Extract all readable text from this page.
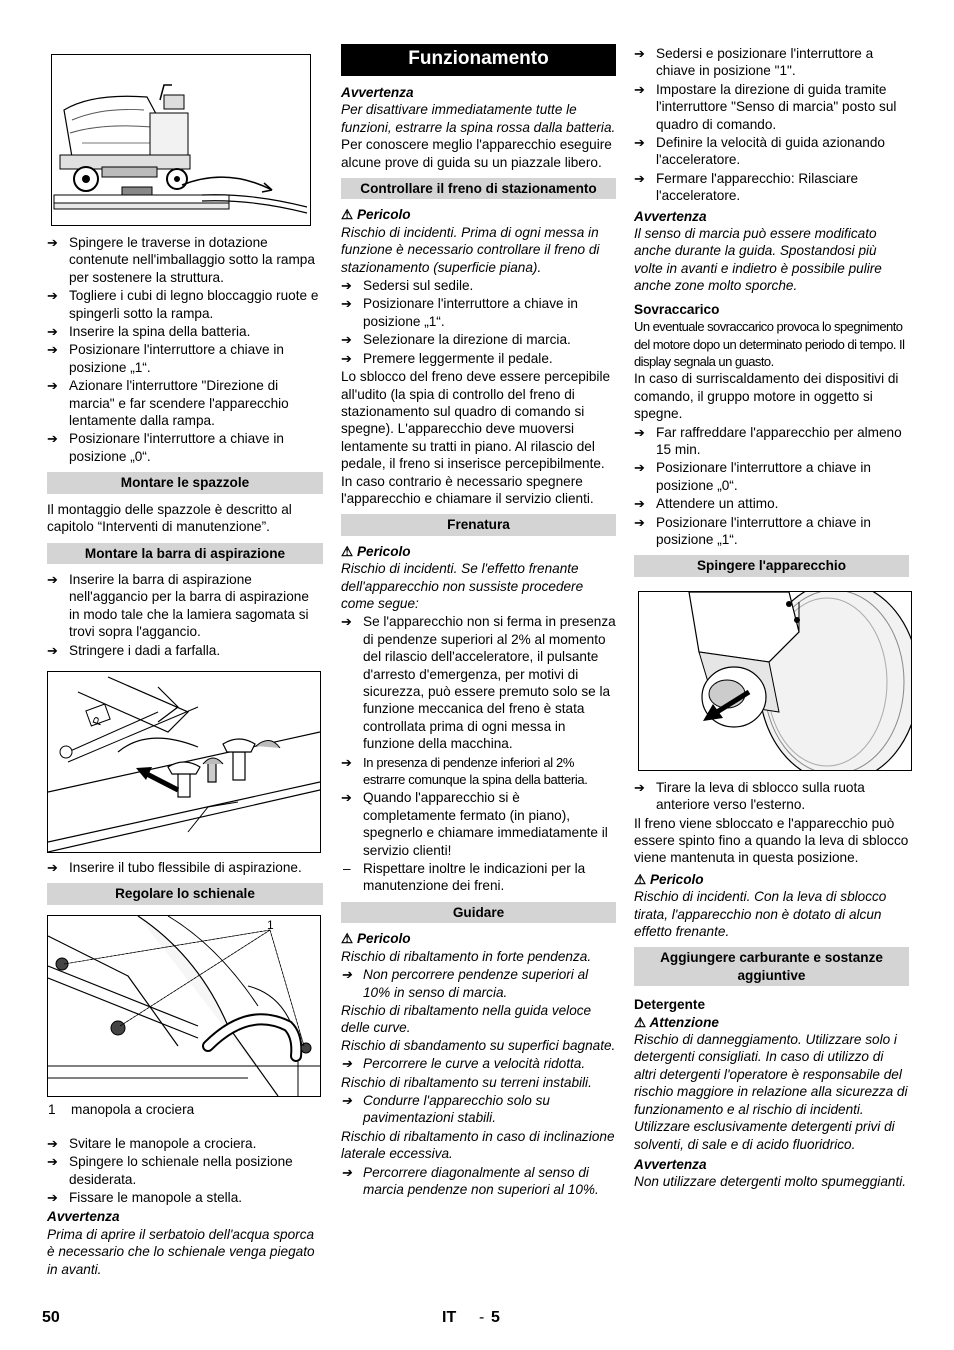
➔ Spingere le traverse in dotazione contenute nell'imballaggio sotto la rampa per sostenere la struttura.
➔ Togliere i cubi di legno bloccaggio ruote e spingerli sotto la rampa.
➔ Inserire la spina della batteria.
➔ Posizionare l'interruttore a chiave in posizione „1“.
➔ Azionare l'interruttore "Direzione di marcia" e far scendere l'apparecchio lentamente dalla rampa.
➔ Posizionare l'interruttore a chiave in posizione „0“.
Montare le spazzole

Il montaggio delle spazzole è descritto al capitolo “Interventi di manutenzione”.

Montare la barra di aspirazione
➔ Inserire la barra di aspirazione nell'aggancio per la barra di aspirazione in modo tale che la lamiera sagomata si trovi sopra l'aggancio.
➔ Stringere i dadi a farfalla.
P
➔ Inserire il tubo flessibile di aspirazione.
Regolare lo schienale
1
1 manopola a crociera
➔ Svitare le manopole a crociera.
➔ Spingere lo schienale nella posizione desiderata.
➔ Fissare le manopole a stella.

Avvertenza

Prima di aprire il serbatoio dell'acqua sporca è necessario che lo schienale venga piegato in avanti.

Funzionamento

Avvertenza

Per disattivare immediatamente tutte le funzioni, estrarre la spina rossa dalla batteria.

Per conoscere meglio l'apparecchio eseguire alcune prove di guida su un piazzale libero.

Controllare il freno di stazionamento

⚠ Pericolo

Rischio di incidenti. Prima di ogni messa in funzione è necessario controllare il freno di stazionamento (superficie piana).

➔ Sedersi sul sedile.
➔ Posizionare l'interruttore a chiave in posizione „1“.
➔ Selezionare la direzione di marcia.
➔ Premere leggermente il pedale.

Lo sblocco del freno deve essere percepibile all'udito (la spia di controllo del freno di stazionamento sul quadro di comando si spegne). L'apparecchio deve muoversi lentamente su tratti in piano. Al rilascio del pedale, il freno si inserisce percepibilmente. In caso contrario è necessario spegnere l'apparecchio e chiamare il servizio clienti.

Frenatura

⚠ Pericolo

Rischio di incidenti. Se l'effetto frenante dell'apparecchio non sussiste procedere come segue:

➔ Se l'apparecchio non si ferma in presenza di pendenze superiori al 2% al momento del rilascio dell'acceleratore, il pulsante d'arresto d'emergenza, per motivi di sicurezza, può essere premuto solo se la funzione meccanica del freno è stata controllata prima di ogni messa in funzione della macchina.
➔ In presenza di pendenze inferiori al 2% estrarre comunque la spina della batteria.
➔ Quando l'apparecchio si è completamente fermato (in piano), spegnerlo e chiamare immediatamente il servizio clienti!
– Rispettare inoltre le indicazioni per la manutenzione dei freni.
Guidare

⚠ Pericolo

Rischio di ribaltamento in forte pendenza.

➔ Non percorrere pendenze superiori al 10% in senso di marcia.

Rischio di ribaltamento nella guida veloce delle curve.

Rischio di sbandamento su superfici bagnate.

➔ Percorrere le curve a velocità ridotta.

Rischio di ribaltamento su terreni instabili.

➔ Condurre l'apparecchio solo su pavimentazioni stabili.

Rischio di ribaltamento in caso di inclinazione laterale eccessiva.

➔ Percorrere diagonalmente al senso di marcia pendenze non superiori al 10%.
➔ Sedersi e posizionare l'interruttore a chiave in posizione "1".
➔ Impostare la direzione di guida tramite l'interruttore "Senso di marcia" posto sul quadro di comando.
➔ Definire la velocità di guida azionando l'acceleratore.
➔ Fermare l'apparecchio: Rilasciare l'acceleratore.

Avvertenza

Il senso di marcia può essere modificato anche durante la guida. Spostandosi più volte in avanti e indietro è possibile pulire anche zone molto sporche.

Sovraccarico

Un eventuale sovraccarico provoca lo spegnimento del motore dopo un determinato periodo di tempo. Il display segnala un guasto.

In caso di surriscaldamento dei dispositivi di comando, il gruppo motore in oggetto si spegne.

➔ Far raffreddare l'apparecchio per almeno 15 min.
➔ Posizionare l'interruttore a chiave in posizione „0“.
➔ Attendere un attimo.
➔ Posizionare l'interruttore a chiave in posizione „1“.
Spingere l'apparecchio
➔ Tirare la leva di sblocco sulla ruota anteriore verso l'esterno.

Il freno viene sbloccato e l'apparecchio può essere spinto fino a quando la leva di sblocco viene mantenuta in questa posizione.

⚠ Pericolo

Rischio di incidenti. Con la leva di sblocco tirata, l'apparecchio non è dotato di alcun effetto frenante.

Aggiungere carburante e sostanze aggiuntive

Detergente

⚠ Attenzione

Rischio di danneggiamento. Utilizzare solo i detergenti consigliati. In caso di utilizzo di altri detergenti l'operatore è responsabile del rischio maggiore in relazione alla sicurezza di funzionamento e al rischio di incidenti.

Utilizzare esclusivamente detergenti privi di solventi, di sale e di acido fluoridrico.

Avvertenza

Non utilizzare detergenti molto spumeggianti.

50	IT - 5
